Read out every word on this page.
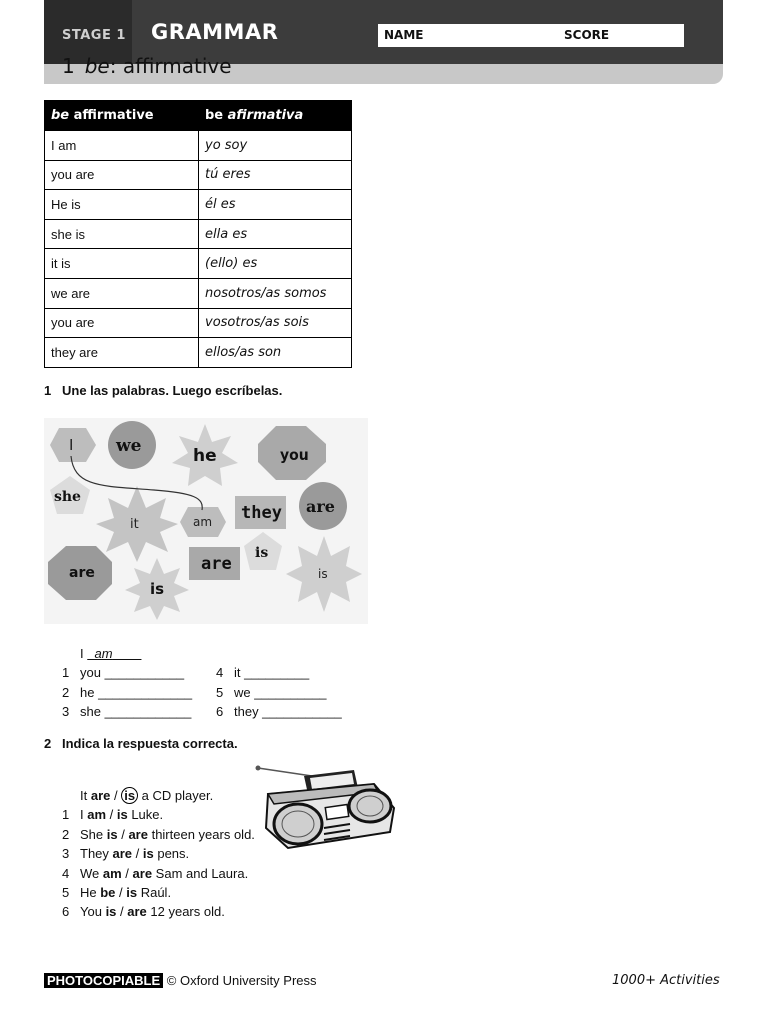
STAGE 1 GRAMMAR	NAME	SCORE
1 be: affirmative
be affirmative	be afirmativa
I am	yo soy
you are	tú eres
He is	él es
she is	ella es
it is	(ello) es
we are	nosotros/as somos
you are	vosotros/as sois
they are	ellos/as son
1 Une las palabras. Luego escríbelas.
I	we	he	you
she
it	am they are
is
are	are
is
is
I am
1 you ___________
2 he _____________
3 she ____________
4 it _________
5 we __________
6 they ___________
2 Indica la respuesta correcta.
It are / is a CD player.
1 I am / is Luke.
2 She is / are thirteen years old.
3 They are / is pens.
4 We am / are Sam and Laura.
5 He be / is Raúl.
6 You is / are 12 years old.
PHOTOCOPIABLE © Oxford University Press	1000+ Activities
